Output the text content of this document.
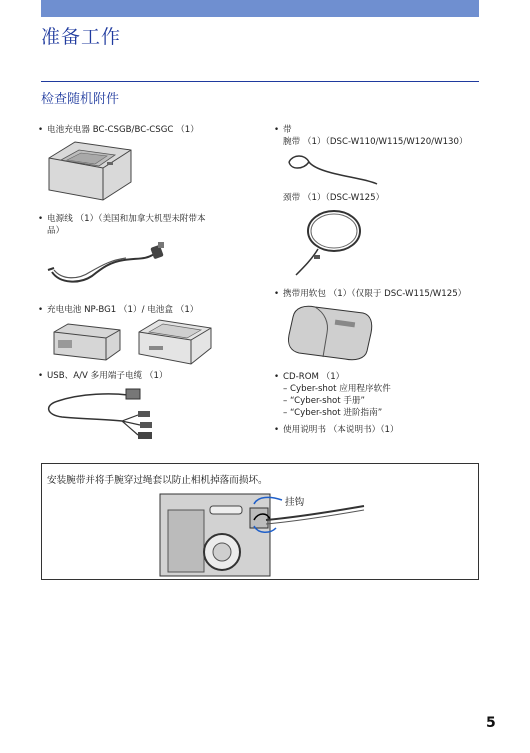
准备工作
检查随机附件
• 电池充电器 BC-CSGB/BC-CSGC （1）
• 电源线 （1）（美国和加拿大机型未附带本
品）
• 充电电池 NP-BG1 （1）/ 电池盒 （1）
• USB、A/V 多用端子电缆 （1）
• 带
腕带 （1）（DSC-W110/W115/W120/W130）
颈带 （1）（DSC-W125）
• 携带用软包 （1）（仅限于 DSC-W115/W125）
• CD-ROM （1）
– Cyber-shot 应用程序软件
– “Cyber-shot 手册”
– “Cyber-shot 进阶指南”
• 使用说明书 （本说明书）（1）
安装腕带并将手腕穿过绳套以防止相机掉落而损坏。
挂钩
5
